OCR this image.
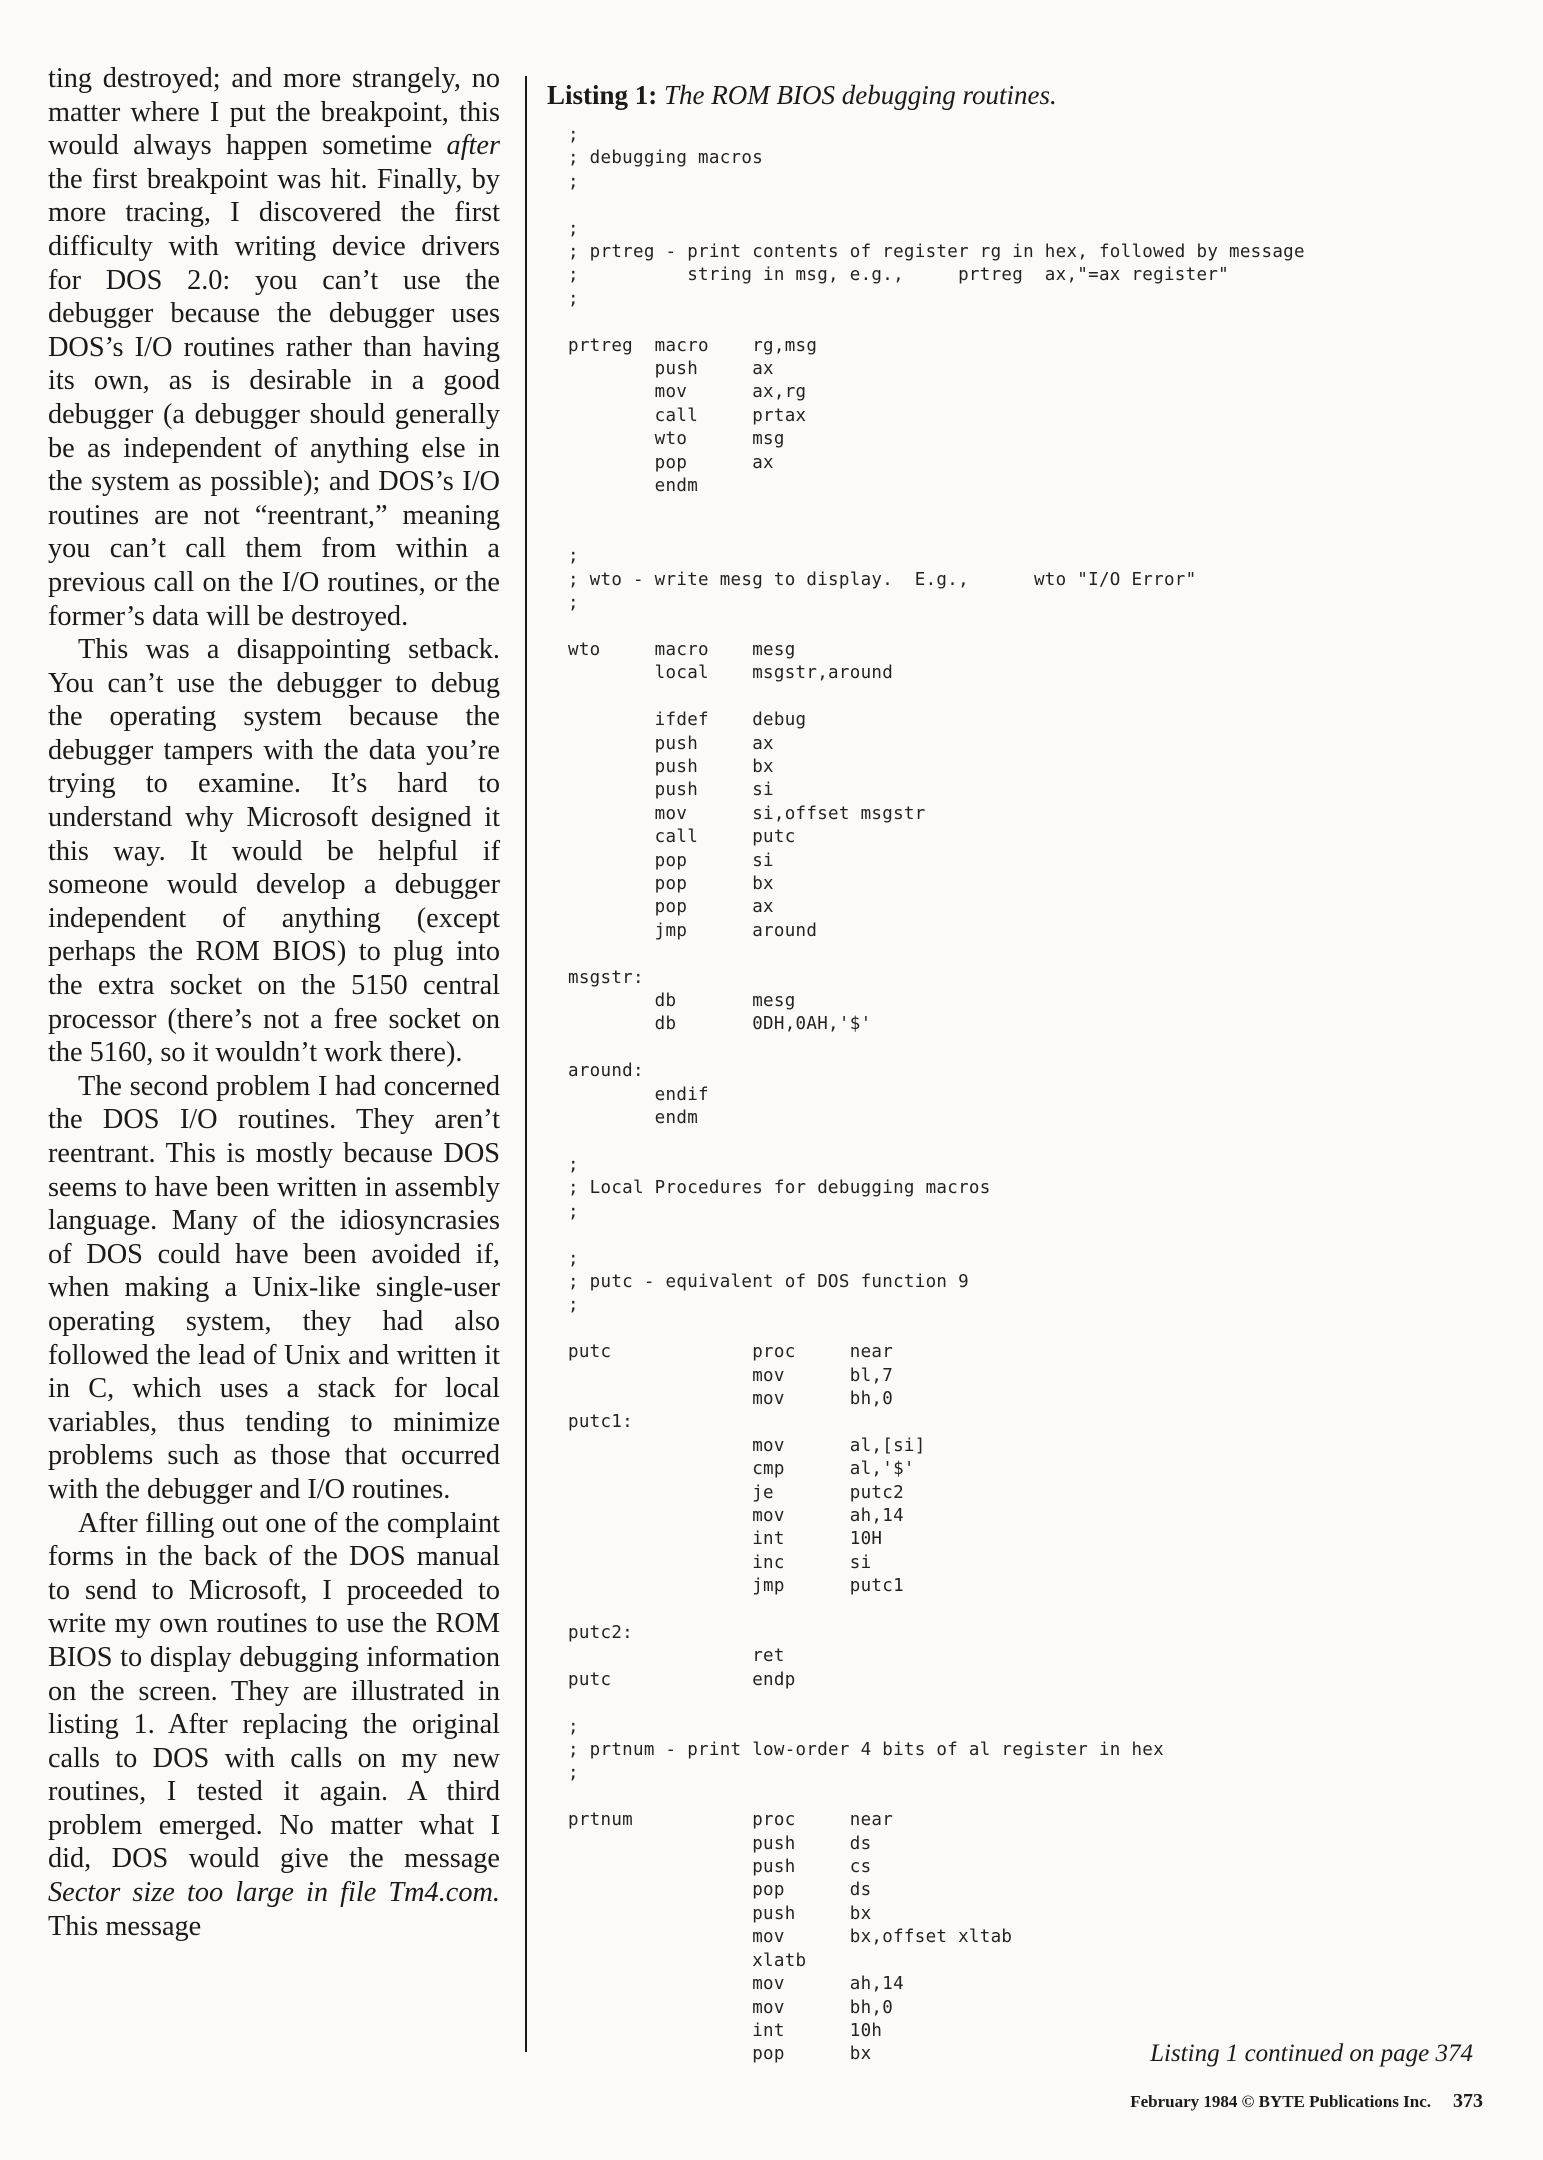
ting destroyed; and more strangely, no matter where I put the breakpoint, this would always happen sometime after the first breakpoint was hit. Finally, by more tracing, I discovered the first difficulty with writing device drivers for DOS 2.0: you can’t use the debugger because the debugger uses DOS’s I/O routines rather than having its own, as is desirable in a good debugger (a debugger should generally be as independent of anything else in the system as possible); and DOS’s I/O routines are not “reentrant,” meaning you can’t call them from within a previous call on the I/O routines, or the former’s data will be destroyed.

This was a disappointing setback. You can’t use the debugger to debug the operating system because the debugger tampers with the data you’re trying to examine. It’s hard to understand why Microsoft designed it this way. It would be helpful if someone would develop a debugger independent of anything (except perhaps the ROM BIOS) to plug into the extra socket on the 5150 central processor (there’s not a free socket on the 5160, so it wouldn’t work there).

The second problem I had concerned the DOS I/O routines. They aren’t reentrant. This is mostly because DOS seems to have been written in assembly language. Many of the idiosyncrasies of DOS could have been avoided if, when making a Unix-like single-user operating system, they had also followed the lead of Unix and written it in C, which uses a stack for local variables, thus tending to minimize problems such as those that occurred with the debugger and I/O routines.

After filling out one of the complaint forms in the back of the DOS manual to send to Microsoft, I proceeded to write my own routines to use the ROM BIOS to display debugging information on the screen. They are illustrated in listing 1. After replacing the original calls to DOS with calls on my new routines, I tested it again. A third problem emerged. No matter what I did, DOS would give the message Sector size too large in file Tm4.com. This message

Listing 1: The ROM BIOS debugging routines.
;
; debugging macros
;

;
; prtreg - print contents of register rg in hex, followed by message
;          string in msg, e.g.,     prtreg  ax,"=ax register"
;

prtreg  macro    rg,msg
push     ax
mov      ax,rg
call     prtax
wto      msg
pop      ax
endm

;
; wto - write mesg to display.  E.g.,      wto "I/O Error"
;

wto     macro    mesg
local    msgstr,around

ifdef    debug
push     ax
push     bx
push     si
mov      si,offset msgstr
call     putc
pop      si
pop      bx
pop      ax
jmp      around

msgstr:
db       mesg
db       0DH,0AH,'$'

around:
endif
endm

;
; Local Procedures for debugging macros
;

;
; putc - equivalent of DOS function 9
;

putc             proc     near
mov      bl,7
mov      bh,0
putc1:
mov      al,[si]
cmp      al,'$'
je       putc2
mov      ah,14
int      10H
inc      si
jmp      putc1

putc2:
ret
putc             endp

;
; prtnum - print low-order 4 bits of al register in hex
;

prtnum           proc     near
push     ds
push     cs
pop      ds
push     bx
mov      bx,offset xltab
xlatb
mov      ah,14
mov      bh,0
int      10h
pop      bx	Listing 1 continued on page 374
February 1984 © BYTE Publications Inc. 373
